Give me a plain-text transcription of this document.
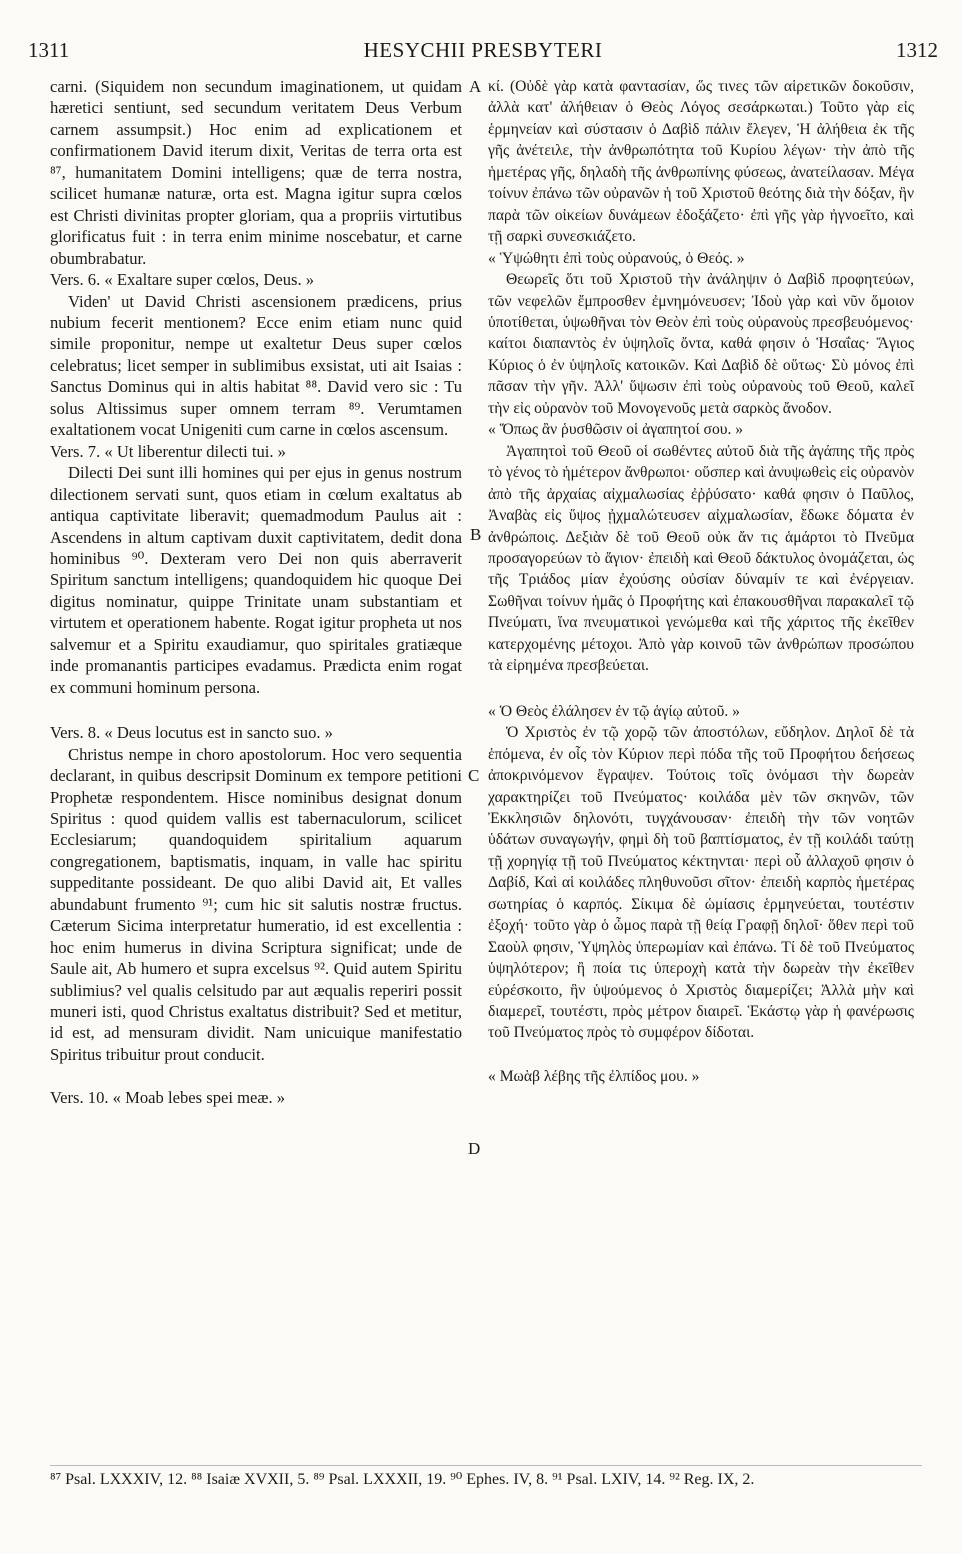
1311	HESYCHII PRESBYTERI	1312
A
B
C
D

carni. (Siquidem non secundum imaginationem, ut quidam hæretici sentiunt, sed secundum veritatem Deus Verbum carnem assumpsit.) Hoc enim ad explicationem et confirmationem David iterum dixit, Veritas de terra orta est ⁸⁷, humanitatem Domini intelligens; quæ de terra nostra, scilicet humanæ naturæ, orta est. Magna igitur supra cœlos est Christi divinitas propter gloriam, qua a propriis virtutibus glorificatus fuit : in terra enim minime noscebatur, et carne obumbrabatur.

Vers. 6. « Exaltare super cœlos, Deus. »

Viden' ut David Christi ascensionem prædicens, prius nubium fecerit mentionem? Ecce enim etiam nunc quid simile proponitur, nempe ut exaltetur Deus super cœlos celebratus; licet semper in sublimibus exsistat, uti ait Isaias : Sanctus Dominus qui in altis habitat ⁸⁸. David vero sic : Tu solus Altissimus super omnem terram ⁸⁹. Verumtamen exaltationem vocat Unigeniti cum carne in cœlos ascensum.

Vers. 7. « Ut liberentur dilecti tui. »

Dilecti Dei sunt illi homines qui per ejus in genus nostrum dilectionem servati sunt, quos etiam in cœlum exaltatus ab antiqua captivitate liberavit; quemadmodum Paulus ait : Ascendens in altum captivam duxit captivitatem, dedit dona hominibus ⁹⁰. Dexteram vero Dei non quis aberraverit Spiritum sanctum intelligens; quandoquidem hic quoque Dei digitus nominatur, quippe Trinitate unam substantiam et virtutem et operationem habente. Rogat igitur propheta ut nos salvemur et a Spiritu exaudiamur, quo spiritales gratiæque inde promanantis participes evadamus. Prædicta enim rogat ex communi hominum persona.

Vers. 8. « Deus locutus est in sancto suo. »

Christus nempe in choro apostolorum. Hoc vero sequentia declarant, in quibus descripsit Dominum ex tempore petitioni Prophetæ respondentem. Hisce nominibus designat donum Spiritus : quod quidem vallis est tabernaculorum, scilicet Ecclesiarum; quandoquidem spiritalium aquarum congregationem, baptismatis, inquam, in valle hac spiritu suppeditante possideant. De quo alibi David ait, Et valles abundabunt frumento ⁹¹; cum hic sit salutis nostræ fructus. Cæterum Sicima interpretatur humeratio, id est excellentia : hoc enim humerus in divina Scriptura significat; unde de Saule ait, Ab humero et supra excelsus ⁹². Quid autem Spiritu sublimius? vel qualis celsitudo par aut æqualis reperiri possit muneri isti, quod Christus exaltatus distribuit? Sed et metitur, id est, ad mensuram dividit. Nam unicuique manifestatio Spiritus tribuitur prout conducit.

Vers. 10. « Moab lebes spei meæ. »

κί. (Οὐδὲ γὰρ κατὰ φαντασίαν, ὥς τινες τῶν αἱρετικῶν δοκοῦσιν, ἀλλὰ κατ' ἀλήθειαν ὁ Θεὸς Λόγος σεσάρκωται.) Τοῦτο γὰρ εἰς ἑρμηνείαν καὶ σύστασιν ὁ Δαβὶδ πάλιν ἔλεγεν, Ἡ ἀλήθεια ἐκ τῆς γῆς ἀνέτειλε, τὴν ἀνθρωπότητα τοῦ Κυρίου λέγων· τὴν ἀπὸ τῆς ἡμετέρας γῆς, δηλαδὴ τῆς ἀνθρωπίνης φύσεως, ἀνατείλασαν. Μέγα τοίνυν ἐπάνω τῶν οὐρανῶν ἡ τοῦ Χριστοῦ θεότης διὰ τὴν δόξαν, ἣν παρὰ τῶν οἰκείων δυνάμεων ἐδοξάζετο· ἐπὶ γῆς γὰρ ἠγνοεῖτο, καὶ τῇ σαρκὶ συνεσκιάζετο.

« Ὑψώθητι ἐπὶ τοὺς οὐρανούς, ὁ Θεός. »

Θεωρεῖς ὅτι τοῦ Χριστοῦ τὴν ἀνάληψιν ὁ Δαβὶδ προφητεύων, τῶν νεφελῶν ἔμπροσθεν ἐμνημόνευσεν; Ἰδοὺ γὰρ καὶ νῦν ὅμοιον ὑποτίθεται, ὑψωθῆναι τὸν Θεὸν ἐπὶ τοὺς οὐρανοὺς πρεσβευόμενος· καίτοι διαπαντὸς ἐν ὑψηλοῖς ὄντα, καθά φησιν ὁ Ἡσαΐας· Ἅγιος Κύριος ὁ ἐν ὑψηλοῖς κατοικῶν. Καὶ Δαβὶδ δὲ οὕτως· Σὺ μόνος ἐπὶ πᾶσαν τὴν γῆν. Ἀλλ' ὕψωσιν ἐπὶ τοὺς οὐρανοὺς τοῦ Θεοῦ, καλεῖ τὴν εἰς οὐρανὸν τοῦ Μονογενοῦς μετὰ σαρκὸς ἄνοδον.

« Ὅπως ἂν ῥυσθῶσιν οἱ ἀγαπητοί σου. »

Ἀγαπητοὶ τοῦ Θεοῦ οἱ σωθέντες αὐτοῦ διὰ τῆς ἀγάπης τῆς πρὸς τὸ γένος τὸ ἡμέτερον ἄνθρωποι· οὕσπερ καὶ ἀνυψωθεὶς εἰς οὐρανὸν ἀπὸ τῆς ἀρχαίας αἰχμαλωσίας ἐῤῥύσατο· καθά φησιν ὁ Παῦλος, Ἀναβὰς εἰς ὕψος ᾐχμαλώτευσεν αἰχμαλωσίαν, ἔδωκε δόματα ἐν ἀνθρώποις. Δεξιὰν δὲ τοῦ Θεοῦ οὐκ ἄν τις ἁμάρτοι τὸ Πνεῦμα προσαγορεύων τὸ ἅγιον· ἐπειδὴ καὶ Θεοῦ δάκτυλος ὀνομάζεται, ὡς τῆς Τριάδος μίαν ἐχούσης οὐσίαν δύναμίν τε καὶ ἐνέργειαν. Σωθῆναι τοίνυν ἡμᾶς ὁ Προφήτης καὶ ἐπακουσθῆναι παρακαλεῖ τῷ Πνεύματι, ἵνα πνευματικοὶ γενώμεθα καὶ τῆς χάριτος τῆς ἐκεῖθεν κατερχομένης μέτοχοι. Ἀπὸ γὰρ κοινοῦ τῶν ἀνθρώπων προσώπου τὰ εἰρημένα πρεσβεύεται.

« Ὁ Θεὸς ἐλάλησεν ἐν τῷ ἁγίῳ αὐτοῦ. »

Ὁ Χριστὸς ἐν τῷ χορῷ τῶν ἀποστόλων, εὔδηλον. Δηλοῖ δὲ τὰ ἑπόμενα, ἐν οἷς τὸν Κύριον περὶ πόδα τῆς τοῦ Προφήτου δεήσεως ἀποκρινόμενον ἔγραψεν. Τούτοις τοῖς ὀνόμασι τὴν δωρεὰν χαρακτηρίζει τοῦ Πνεύματος· κοιλάδα μὲν τῶν σκηνῶν, τῶν Ἐκκλησιῶν δηλονότι, τυγχάνουσαν· ἐπειδὴ τὴν τῶν νοητῶν ὑδάτων συναγωγήν, φημὶ δὴ τοῦ βαπτίσματος, ἐν τῇ κοιλάδι ταύτῃ τῇ χορηγίᾳ τῇ τοῦ Πνεύματος κέκτηνται· περὶ οὗ ἀλλαχοῦ φησιν ὁ Δαβίδ, Καὶ αἱ κοιλάδες πληθυνοῦσι σῖτον· ἐπειδὴ καρπὸς ἡμετέρας σωτηρίας ὁ καρπός. Σίκιμα δὲ ὡμίασις ἑρμηνεύεται, τουτέστιν ἐξοχή· τοῦτο γὰρ ὁ ὦμος παρὰ τῇ θείᾳ Γραφῇ δηλοῖ· ὅθεν περὶ τοῦ Σαοὺλ φησιν, Ὑψηλὸς ὑπερωμίαν καὶ ἐπάνω. Τί δὲ τοῦ Πνεύματος ὑψηλότερον; ἢ ποία τις ὑπεροχὴ κατὰ τὴν δωρεὰν τὴν ἐκεῖθεν εὑρέσκοιτο, ἣν ὑψούμενος ὁ Χριστὸς διαμερίζει; Ἀλλὰ μὴν καὶ διαμερεῖ, τουτέστι, πρὸς μέτρον διαιρεῖ. Ἑκάστῳ γὰρ ἡ φανέρωσις τοῦ Πνεύματος πρὸς τὸ συμφέρον δίδοται.

« Μωὰβ λέβης τῆς ἐλπίδος μου. »

⁸⁷ Psal. LXXXIV, 12. ⁸⁸ Isaiæ XVXII, 5. ⁸⁹ Psal. LXXXII, 19. ⁹⁰ Ephes. IV, 8. ⁹¹ Psal. LXIV, 14. ⁹² Reg. IX, 2.
